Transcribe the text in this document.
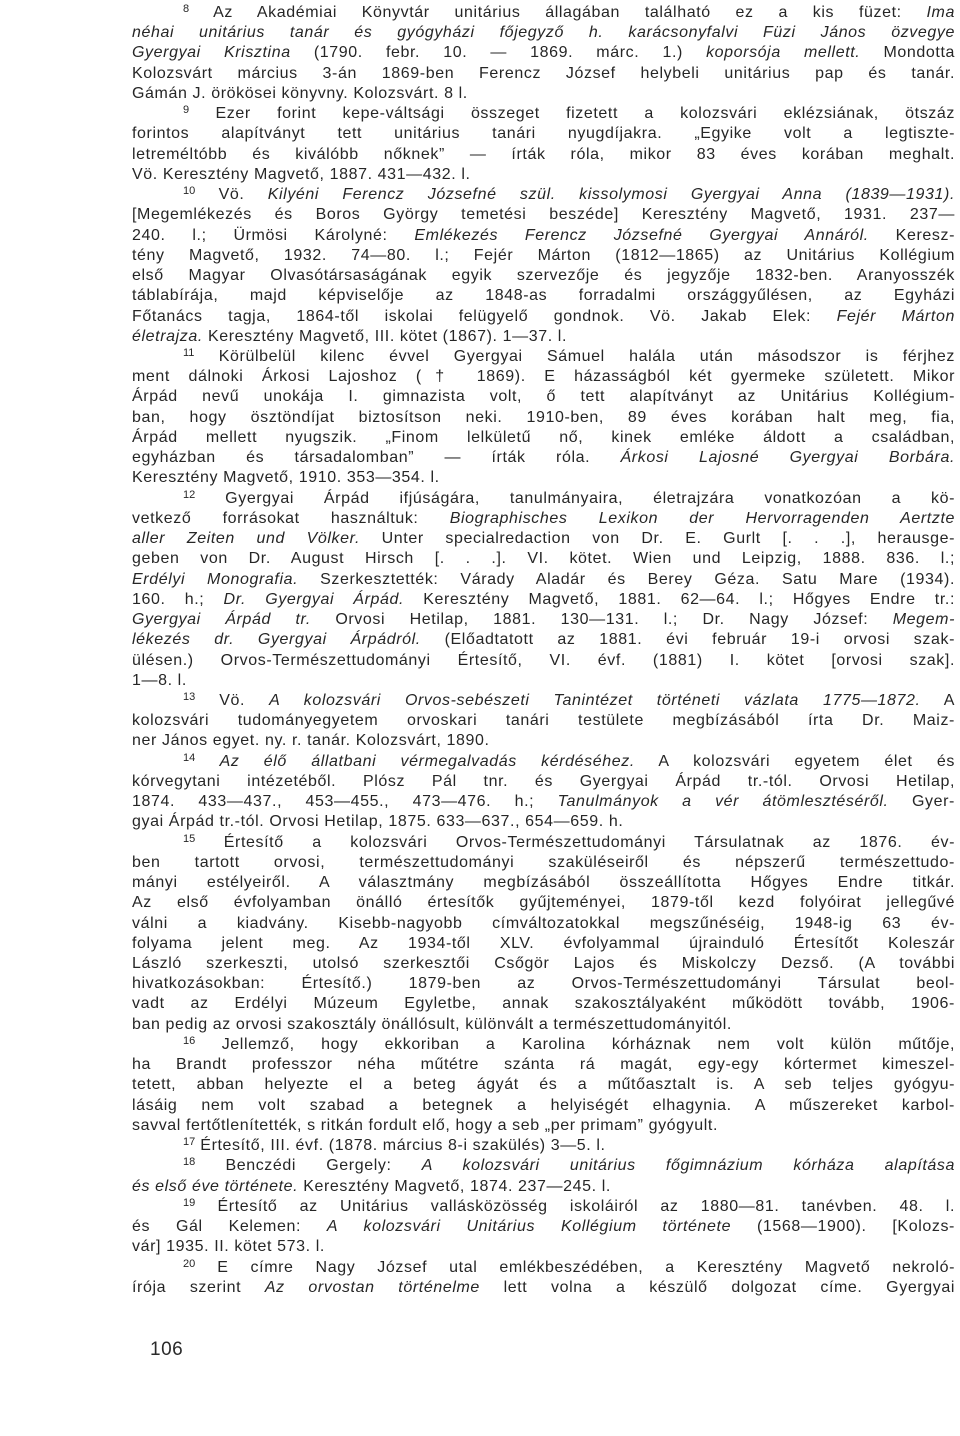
$^8$ Az Akadémiai Könyvtár unitárius állagában található ez a kis füzet: Ima
néhai unitárius tanár és gyógyházi főjegyző h. karácsonyfalvi Füzi János özvegye
Gyergyai Krisztina (1790. febr. 10. — 1869. márc. 1.) koporsója mellett. Mondotta
Kolozsvárt március 3-án 1869-ben Ferencz József helybeli unitárius pap és tanár.
Gámán J. örökösei könyvny. Kolozsvárt. 8 l.
$^9$ Ezer forint kepe-váltsági összeget fizetett a kolozsvári eklézsiának, ötszáz
forintos alapítványt tett unitárius tanári nyugdíjakra. „Egyike volt a legtiszte-
letreméltóbb és kiválóbb nőknek” — írták róla, mikor 83 éves korában meghalt.
Vö. Keresztény Magvető, 1887. 431—432. l.
$^{10}$ Vö. Kilyéni Ferencz Józsefné szül. kissolymosi Gyergyai Anna (1839—1931).
[Megemlékezés és Boros György temetési beszéde] Keresztény Magvető, 1931. 237—
240. l.; Ürmösi Károlyné: Emlékezés Ferencz Józsefné Gyergyai Annáról. Keresz-
tény Magvető, 1932. 74—80. l.; Fejér Márton (1812—1865) az Unitárius Kollégium
első Magyar Olvasótársaságának egyik szervezője és jegyzője 1832-ben. Aranyosszék
táblabírája, majd képviselője az 1848-as forradalmi országgyűlésen, az Egyházi
Főtanács tagja, 1864-től iskolai felügyelő gondnok. Vö. Jakab Elek: Fejér Márton
életrajza. Keresztény Magvető, III. kötet (1867). 1—37. l.
$^{11}$ Körülbelül kilenc évvel Gyergyai Sámuel halála után másodszor is férjhez
ment dálnoki Árkosi Lajoshoz († 1869). E házasságból két gyermeke született. Mikor
Árpád nevű unokája I. gimnazista volt, ő tett alapítványt az Unitárius Kollégium-
ban, hogy ösztöndíjat biztosítson neki. 1910-ben, 89 éves korában halt meg, fia,
Árpád mellett nyugszik. „Finom lelkületű nő, kinek emléke áldott a családban,
egyházban és társadalomban” — írták róla. Árkosi Lajosné Gyergyai Borbára.
Keresztény Magvető, 1910. 353—354. l.
$^{12}$ Gyergyai Árpád ifjúságára, tanulmányaira, életrajzára vonatkozóan a kö-
vetkező forrásokat használtuk: Biographisches Lexikon der Hervorragenden Aertzte
aller Zeiten und Völker. Unter specialredaction von Dr. E. Gurlt [. . .], herausge-
geben von Dr. August Hirsch [. . .]. VI. kötet. Wien und Leipzig, 1888. 836. l.;
Erdélyi Monografia. Szerkesztették: Várady Aladár és Berey Géza. Satu Mare (1934).
160. h.; Dr. Gyergyai Árpád. Keresztény Magvető, 1881. 62—64. l.; Hőgyes Endre tr.:
Gyergyai Árpád tr. Orvosi Hetilap, 1881. 130—131. l.; Dr. Nagy József: Megem-
lékezés dr. Gyergyai Árpádról. (Előadtatott az 1881. évi február 19-i orvosi szak-
ülésen.) Orvos-Természettudományi Értesítő, VI. évf. (1881) I. kötet [orvosi szak].
1—8. l.
$^{13}$ Vö. A kolozsvári Orvos-sebészeti Tanintézet történeti vázlata 1775—1872. A
kolozsvári tudományegyetem orvoskari tanári testülete megbízásából írta Dr. Maiz-
ner János egyet. ny. r. tanár. Kolozsvárt, 1890.
$^{14}$ Az élő állatbani vérmegalvadás kérdéséhez. A kolozsvári egyetem élet és
kórvegytani intézetéből. Plósz Pál tnr. és Gyergyai Árpád tr.-tól. Orvosi Hetilap,
1874. 433—437., 453—455., 473—476. h.; Tanulmányok a vér átömlesztéséről. Gyer-
gyai Árpád tr.-tól. Orvosi Hetilap, 1875. 633—637., 654—659. h.
$^{15}$ Értesítő a kolozsvári Orvos-Természettudományi Társulatnak az 1876. év-
ben tartott orvosi, természettudományi szaküléseiről és népszerű természettudo-
mányi estélyeiről. A választmány megbízásából összeállította Hőgyes Endre titkár.
Az első évfolyamban önálló értesítők gyűjteményei, 1879-től kezd folyóirat jellegűvé
válni a kiadvány. Kisebb-nagyobb címváltozatokkal megszűnéséig, 1948-ig 63 év-
folyama jelent meg. Az 1934-től XLV. évfolyammal újrainduló Értesítőt Koleszár
László szerkeszti, utolsó szerkesztői Csőgör Lajos és Miskolczy Dezső. (A további
hivatkozásokban: Értesítő.) 1879-ben az Orvos-Természettudományi Társulat beol-
vadt az Erdélyi Múzeum Egyletbe, annak szakosztályaként működött tovább, 1906-
ban pedig az orvosi szakosztály önállósult, különvált a természettudományitól.
$^{16}$ Jellemző, hogy ekkoriban a Karolina kórháznak nem volt külön műtője,
ha Brandt professzor néha műtétre szánta rá magát, egy-egy kórtermet kimeszel-
tetett, abban helyezte el a beteg ágyát és a műtőasztalt is. A seb teljes gyógyu-
lásáig nem volt szabad a betegnek a helyiségét elhagynia. A műszereket karbol-
savval fertőtlenítették, s ritkán fordult elő, hogy a seb „per primam” gyógyult.
$^{17}$ Értesítő, III. évf. (1878. március 8-i szakülés) 3—5. l.
$^{18}$ Benczédi Gergely: A kolozsvári unitárius főgimnázium kórháza alapítása
és első éve története. Keresztény Magvető, 1874. 237—245. l.
$^{19}$ Értesítő az Unitárius vallásközösség iskoláiról az 1880—81. tanévben. 48. l.
és Gál Kelemen: A kolozsvári Unitárius Kollégium története (1568—1900). [Kolozs-
vár] 1935. II. kötet 573. l.
$^{20}$ E címre Nagy József utal emlékbeszédében, a Keresztény Magvető nekroló-
írója szerint Az orvostan történelme lett volna a készülő dolgozat címe. Gyergyai
106
